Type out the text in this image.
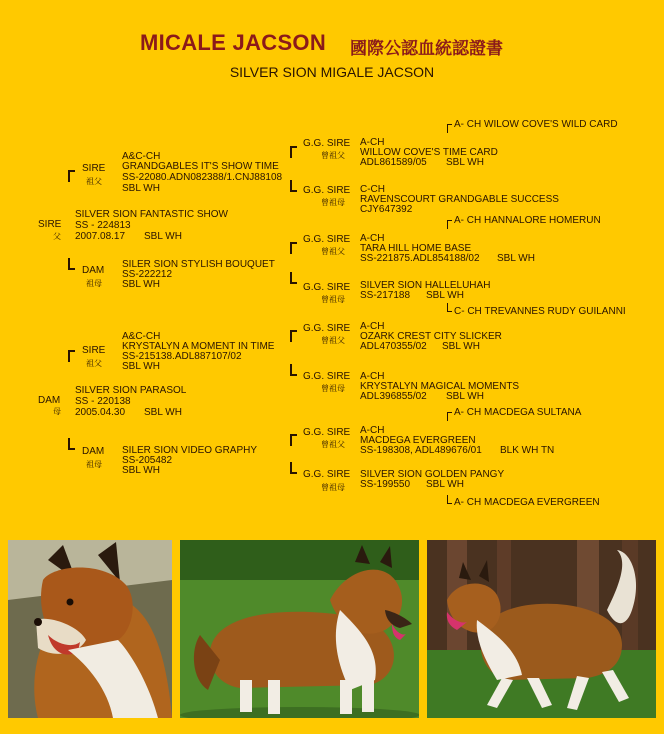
MICALE JACSON 國際公認血統認證書
SILVER SION MIGALE JACSON
SIRE
父
SILVER SION FANTASTIC SHOW
SS - 224813
2007.08.17 SBL WH
DAM
母
SILVER SION PARASOL
SS - 220138
2005.04.30 SBL WH
SIRE
祖父
A&C-CH
GRANDGABLES IT'S SHOW TIME
SS-22080.ADN082388/1.CNJ88108
SBL WH
DAM
祖母
SILER SION STYLISH BOUQUET
SS-222212
SBL WH
SIRE
祖父
A&C-CH
KRYSTALYN A MOMENT IN TIME
SS-215138.ADL887107/02
SBL WH
DAM
祖母
SILER SION VIDEO GRAPHY
SS-205482
SBL WH
G.G. SIRE
曾祖父
A-CH
WILLOW COVE'S TIME CARD
ADL861589/05 SBL WH
G.G. SIRE
曾祖母
C-CH
RAVENSCOURT GRANDGABLE SUCCESS
CJY647392
G.G. SIRE
曾祖父
A-CH
TARA HILL HOME BASE
SS-221875.ADL854188/02 SBL WH
G.G. SIRE
曾祖母
SILVER SION HALLELUHAH
SS-217188 SBL WH
G.G. SIRE
曾祖父
A-CH
OZARK CREST CITY SLICKER
ADL470355/02 SBL WH
G.G. SIRE
曾祖母
A-CH
KRYSTALYN MAGICAL MOMENTS
ADL396855/02 SBL WH
G.G. SIRE
曾祖父
A-CH
MACDEGA EVERGREEN
SS-198308, ADL489676/01 BLK WH TN
G.G. SIRE
曾祖母
SILVER SION GOLDEN PANGY
SS-199550 SBL WH
A- CH WILOW COVE'S WILD CARD
A- CH HANNALORE HOMERUN
C- CH TREVANNES RUDY GUILANNI
A- CH MACDEGA SULTANA
A- CH MACDEGA EVERGREEN
